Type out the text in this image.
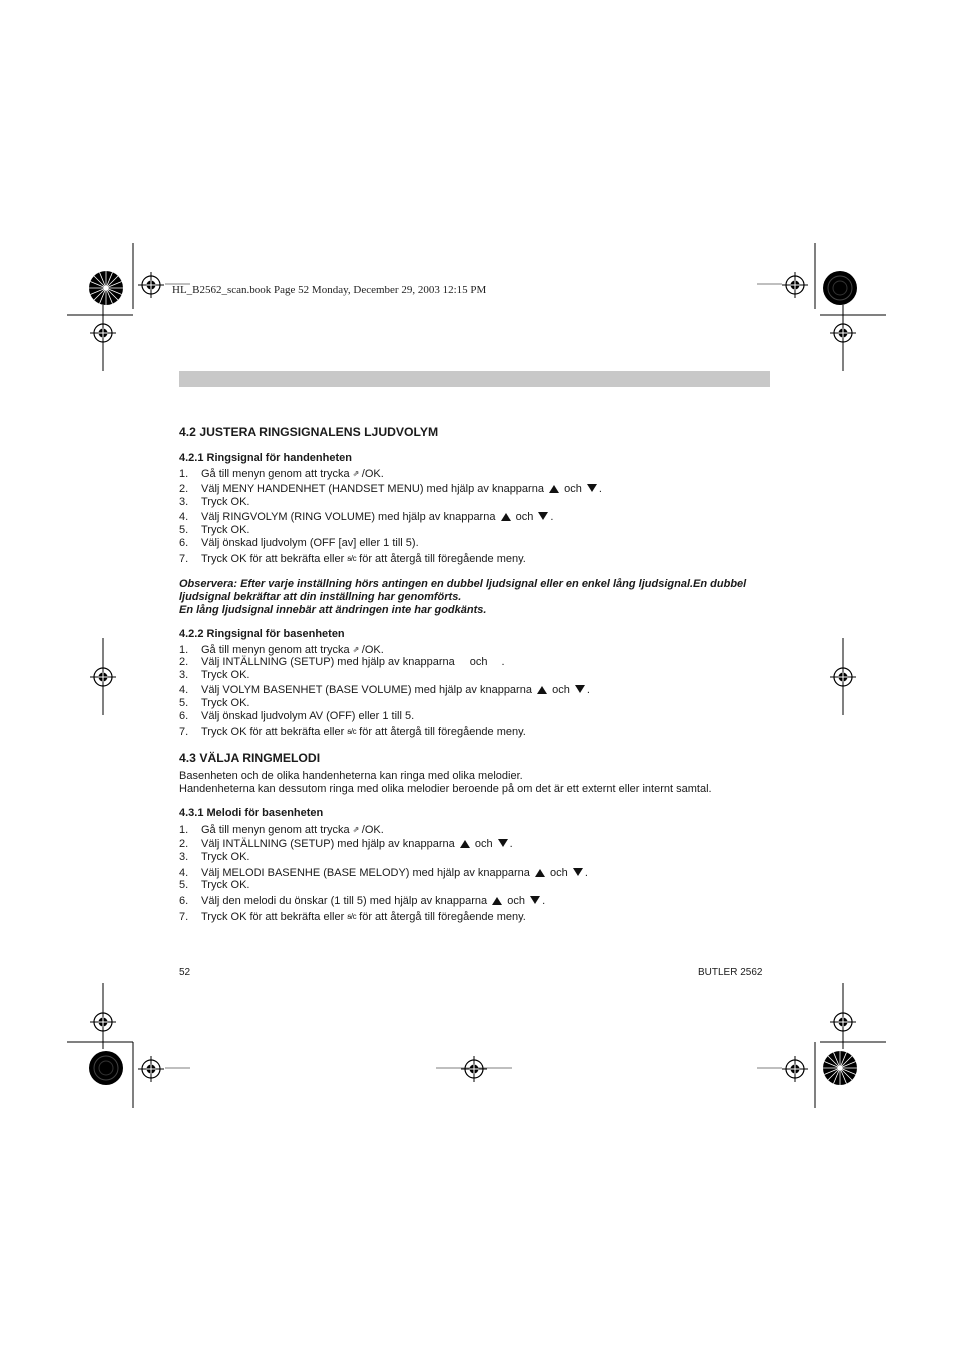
HL_B2562_scan.book Page 52 Monday, December 29, 2003 12:15 PM
4.2 JUSTERA RINGSIGNALENS LJUDVOLYM
4.2.1 Ringsignal för handenheten
1. Gå till menyn genom att trycka ⇗ /OK.
2. Välj MENY HANDENHET (HANDSET MENU) med hjälp av knapparna och .
3. Tryck OK.
4. Välj RINGVOLYM (RING VOLUME) med hjälp av knapparna och .
5. Tryck OK.
6. Välj önskad ljudvolym (OFF [av] eller 1 till 5).
7. Tryck OK för att bekräfta eller ꞩ/c för att återgå till föregående meny.
Observera: Efter varje inställning hörs antingen en dubbel ljudsignal eller en enkel lång ljudsignal.En dubbel
ljudsignal bekräftar att din inställning har genomförts.
En lång ljudsignal innebär att ändringen inte har godkänts.
4.2.2 Ringsignal för basenheten
1. Gå till menyn genom att trycka ⇗ /OK.
2. Välj INTÄLLNING (SETUP) med hjälp av knapparna och .
3. Tryck OK.
4. Välj VOLYM BASENHET (BASE VOLUME) med hjälp av knapparna och .
5. Tryck OK.
6. Välj önskad ljudvolym AV (OFF) eller 1 till 5.
7. Tryck OK för att bekräfta eller ꞩ/c för att återgå till föregående meny.
4.3 VÄLJA RINGMELODI
Basenheten och de olika handenheterna kan ringa med olika melodier.
Handenheterna kan dessutom ringa med olika melodier beroende på om det är ett externt eller internt samtal.
4.3.1 Melodi för basenheten
1. Gå till menyn genom att trycka ⇗ /OK.
2. Välj INTÄLLNING (SETUP) med hjälp av knapparna och .
3. Tryck OK.
4. Välj MELODI BASENHE (BASE MELODY) med hjälp av knapparna och .
5. Tryck OK.
6. Välj den melodi du önskar (1 till 5) med hjälp av knapparna och .
7. Tryck OK för att bekräfta eller ꞩ/c för att återgå till föregående meny.
52	BUTLER 2562
